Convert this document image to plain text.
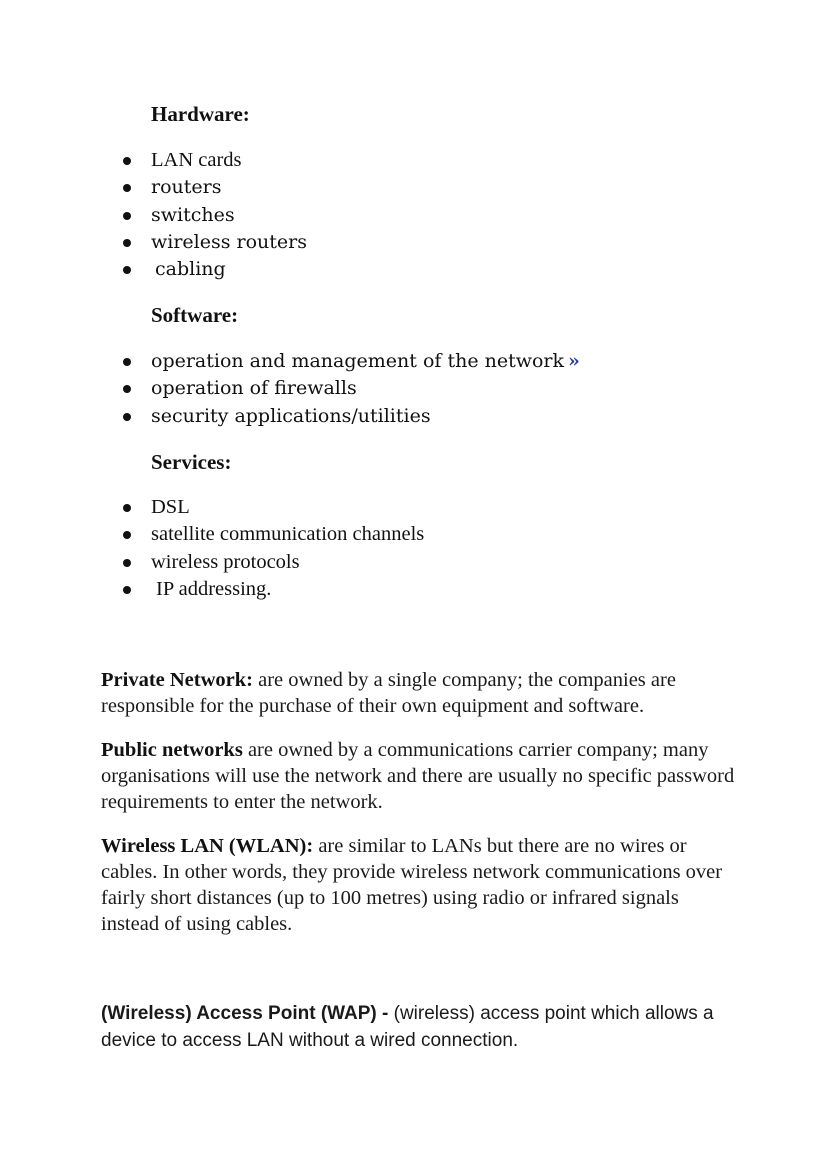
Hardware:
LAN cards
routers
switches
wireless routers
cabling
Software:
operation and management of the network »
operation of firewalls
security applications/utilities
Services:
DSL
satellite communication channels
wireless protocols
IP addressing.

Private Network: are owned by a single company; the companies are responsible for the purchase of their own equipment and software.

Public networks are owned by a communications carrier company; many organisations will use the network and there are usually no specific password requirements to enter the network.

Wireless LAN (WLAN): are similar to LANs but there are no wires or cables. In other words, they provide wireless network communications over fairly short distances (up to 100 metres) using radio or infrared signals instead of using cables.

(Wireless) Access Point (WAP) - (wireless) access point which allows a device to access LAN without a wired connection.
